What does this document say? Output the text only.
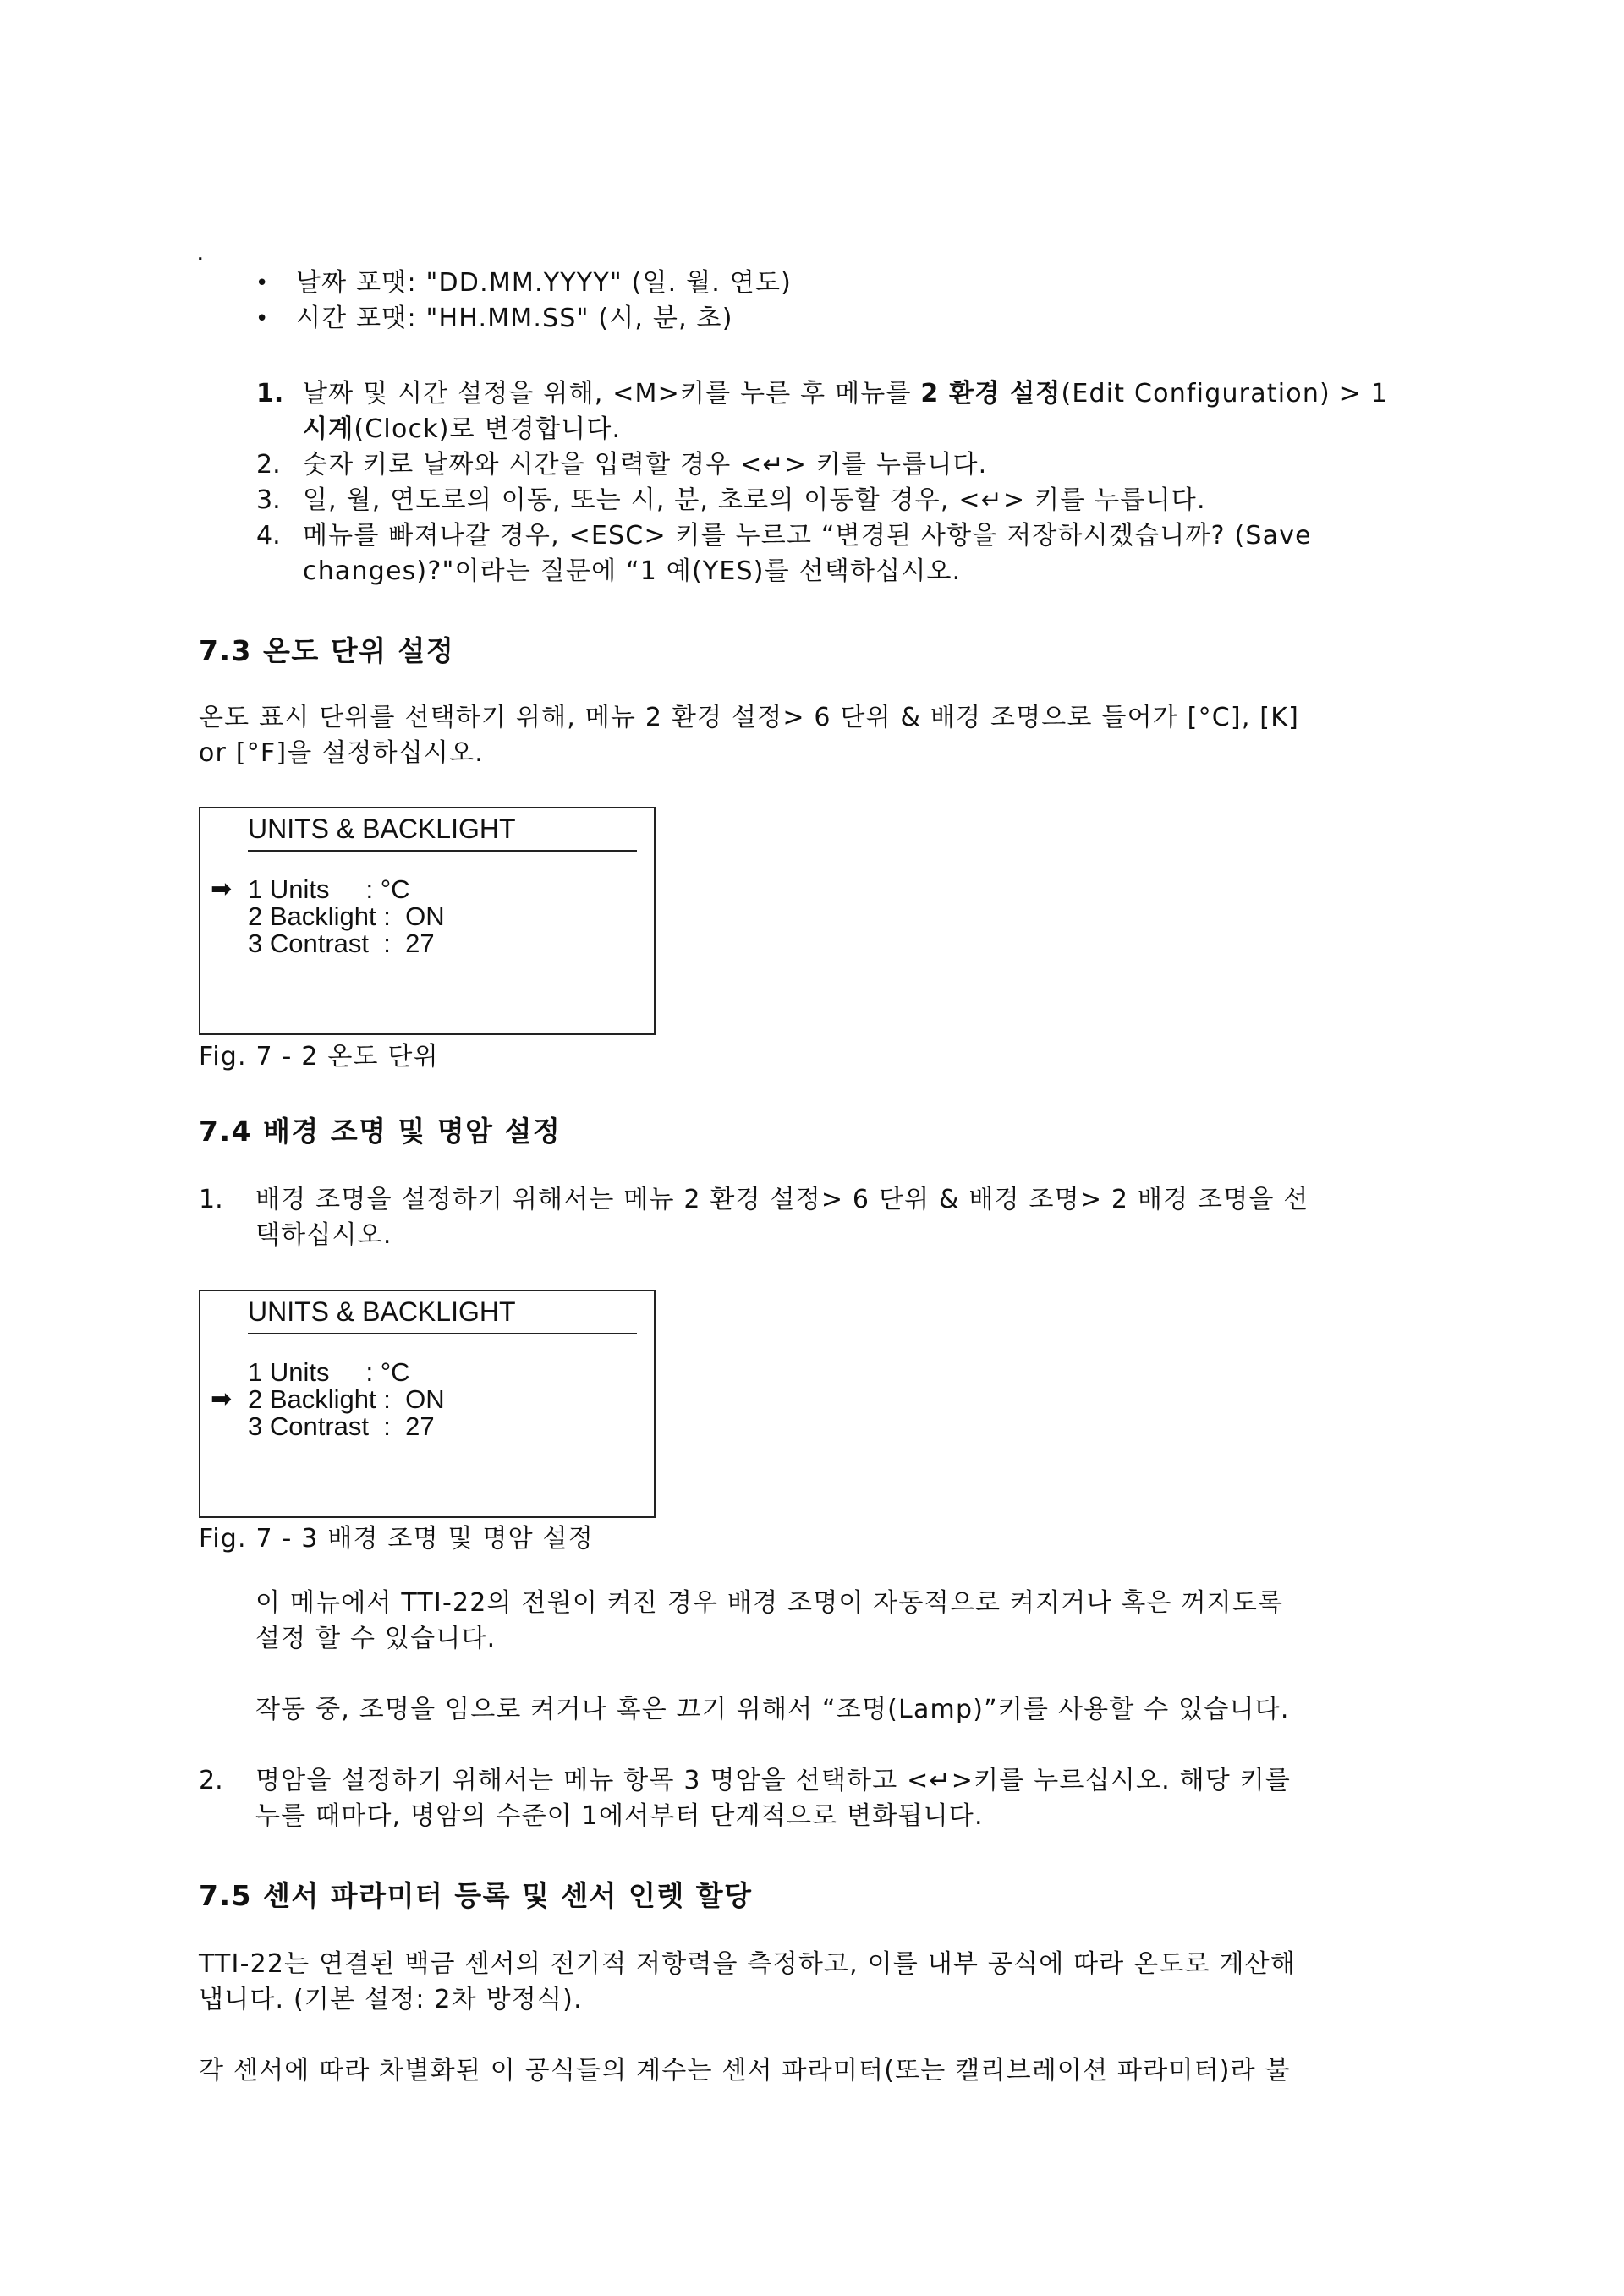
.
• 날짜 포맷: "DD.MM.YYYY" (일. 월. 연도)
• 시간 포맷: "HH.MM.SS" (시, 분, 초)
1. 날짜 및 시간 설정을 위해, <M>키를 누른 후 메뉴를 2 환경 설정(Edit Configuration) > 1
시계(Clock)로 변경합니다.
2. 숫자 키로 날짜와 시간을 입력할 경우 <↵> 키를 누릅니다.
3. 일, 월, 연도로의 이동, 또는 시, 분, 초로의 이동할 경우, <↵> 키를 누릅니다.
4. 메뉴를 빠져나갈 경우, <ESC> 키를 누르고 “변경된 사항을 저장하시겠습니까? (Save
changes)?"이라는 질문에 “1 예(YES)를 선택하십시오.
7.3 온도 단위 설정
온도 표시 단위를 선택하기 위해, 메뉴 2 환경 설정> 6 단위 & 배경 조명으로 들어가 [°C], [K]
or [°F]을 설정하십시오.
UNITS & BACKLIGHT
➡ 1 Units     : °C
2 Backlight :  ON
3 Contrast  :  27
Fig. 7 - 2 온도 단위
7.4 배경 조명 및 명암 설정
1. 배경 조명을 설정하기 위해서는 메뉴 2 환경 설정> 6 단위 & 배경 조명> 2 배경 조명을 선
택하십시오.
UNITS & BACKLIGHT
➡
1 Units     : °C
2 Backlight :  ON
3 Contrast  :  27
Fig. 7 - 3 배경 조명 및 명암 설정
이 메뉴에서 TTI-22의 전원이 켜진 경우 배경 조명이 자동적으로 켜지거나 혹은 꺼지도록
설정 할 수 있습니다.
작동 중, 조명을 임으로 켜거나 혹은 끄기 위해서 “조명(Lamp)”키를 사용할 수 있습니다.
2. 명암을 설정하기 위해서는 메뉴 항목 3 명암을 선택하고 <↵>키를 누르십시오. 해당 키를
누를 때마다, 명암의 수준이 1에서부터 단계적으로 변화됩니다.
7.5 센서 파라미터 등록 및 센서 인렛 할당
TTI-22는 연결된 백금 센서의 전기적 저항력을 측정하고, 이를 내부 공식에 따라 온도로 계산해
냅니다. (기본 설정: 2차 방정식).
각 센서에 따라 차별화된 이 공식들의 계수는 센서 파라미터(또는 캘리브레이션 파라미터)라 불
